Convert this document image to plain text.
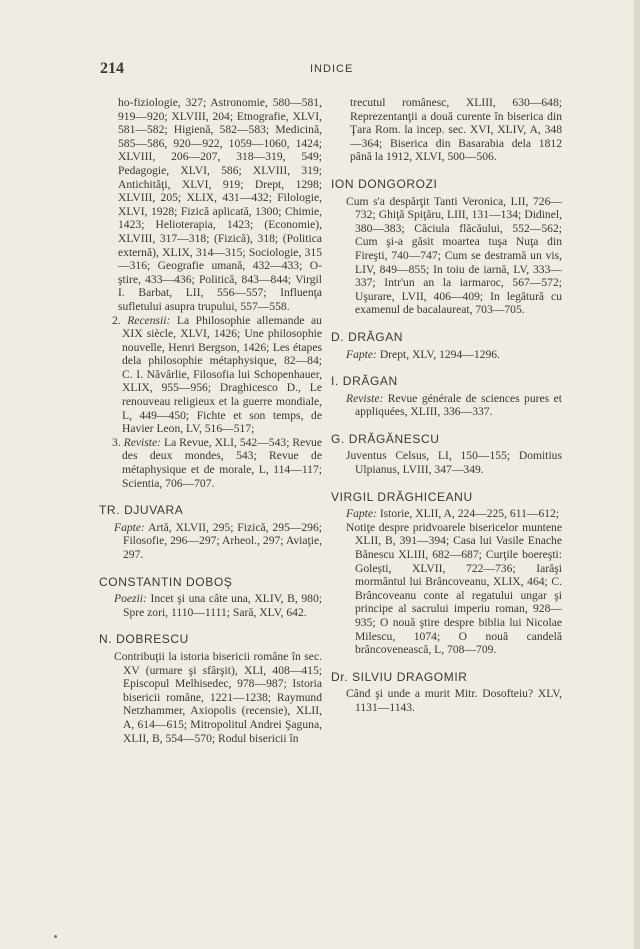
214	INDICE

ho-fiziologie, 327; Astronomie, 580—581, 919—920; XLVIII, 204; Etnografie, XLVI, 581—582; Higienă, 582—583; Medicină, 585—586, 920—922, 1059—1060, 1424; XLVIII, 206—207, 318—319, 549; Pedagogie, XLVI, 586; XLVIII, 319; Antichităţi, XLVI, 919; Drept, 1298; XLVIII, 205; XLIX, 431—432; Filologie, XLVI, 1928; Fizică aplicată, 1300; Chimie, 1423; Helioterapia, 1423; (Economie), XLVIII, 317—318; (Fizică), 318; (Politica externă), XLIX, 314—315; Sociologie, 315—316; Geografie umană, 432—433; O-ştire, 433—436; Politică, 843—844; Virgil I. Barbat, LII, 556—557; Influenţa sufletului asupra trupului, 557—558.

2. Recensii: La Philosophie allemande au XIX siècle, XLVI, 1426; Une philosophie nouvelle, Henri Bergson, 1426; Les étapes dela philosophie métaphysique, 82—84; C. I. Năvârlie, Filosofia lui Schopenhauer, XLIX, 955—956; Draghicesco D., Le renouveau religieux et la guerre mondiale, L, 449—450; Fichte et son temps, de Havier Leon, LV, 516—517;

3. Reviste: La Revue, XLI, 542—543; Revue des deux mondes, 543; Revue de métaphysique et de morale, L, 114—117; Scientia, 706—707.

TR. DJUVARA

Fapte: Artă, XLVII, 295; Fizică, 295—296; Filosofie, 296—297; Arheol., 297; Aviaţie, 297.

CONSTANTIN DOBOŞ

Poezii: Incet şi una câte una, XLIV, B, 980; Spre zori, 1110—1111; Sară, XLV, 642.

N. DOBRESCU

Contribuţii la istoria bisericii române în sec. XV (urmare şi sfârşit), XLI, 408—415; Episcopul Melhisedec, 978—987; Istoria bisericii române, 1221—1238; Raymund Netzhammer, Axiopolis (recensie), XLII, A, 614—615; Mitropolitul Andrei Şaguna, XLII, B, 554—570; Rodul bisericii în

trecutul românesc, XLIII, 630—648; Reprezentanţii a două curente în biserica din Ţara Rom. la incep. sec. XVI, XLIV, A, 348—364; Biserica din Basarabia dela 1812 până la 1912, XLVI, 500—506.

ION DONGOROZI

Cum s'a despărţit Tanti Veronica, LII, 726—732; Ghiţă Spiţăru, LIII, 131—134; Didinel, 380—383; Căciula flăcăului, 552—562; Cum şi-a găsit moartea tuşa Nuţa din Fireşti, 740—747; Cum se destramă un vis, LIV, 849—855; In toiu de iarnă, LV, 333—337; Intr'un an la iarmaroc, 567—572; Uşurare, LVII, 406—409; In legătură cu examenul de bacalaureat, 703—705.

D. DRĂGAN

Fapte: Drept, XLV, 1294—1296.

I. DRĂGAN

Reviste: Revue générale de sciences pures et appliquées, XLIII, 336—337.

G. DRĂGĂNESCU

Juventus Celsus, LI, 150—155; Domitius Ulpianus, LVIII, 347—349.

VIRGIL DRĂGHICEANU

Fapte: Istorie, XLII, A, 224—225, 611—612;

Notiţe despre pridvoarele bisericelor muntene XLII, B, 391—394; Casa lui Vasile Enache Bănescu XLIII, 682—687; Curţile boereşti: Golești, XLVII, 722—736; Iarăşi mormântul lui Brâncoveanu, XLIX, 464; C. Brâncoveanu conte al regatului ungar şi principe al sacrului imperiu roman, 928—935; O nouă ştire despre biblia lui Nicolae Milescu, 1074; O nouă candelă brâncovenească, L, 708—709.

Dr. SILVIU DRAGOMIR

Când şi unde a murit Mitr. Dosofteiu? XLV, 1131—1143.
